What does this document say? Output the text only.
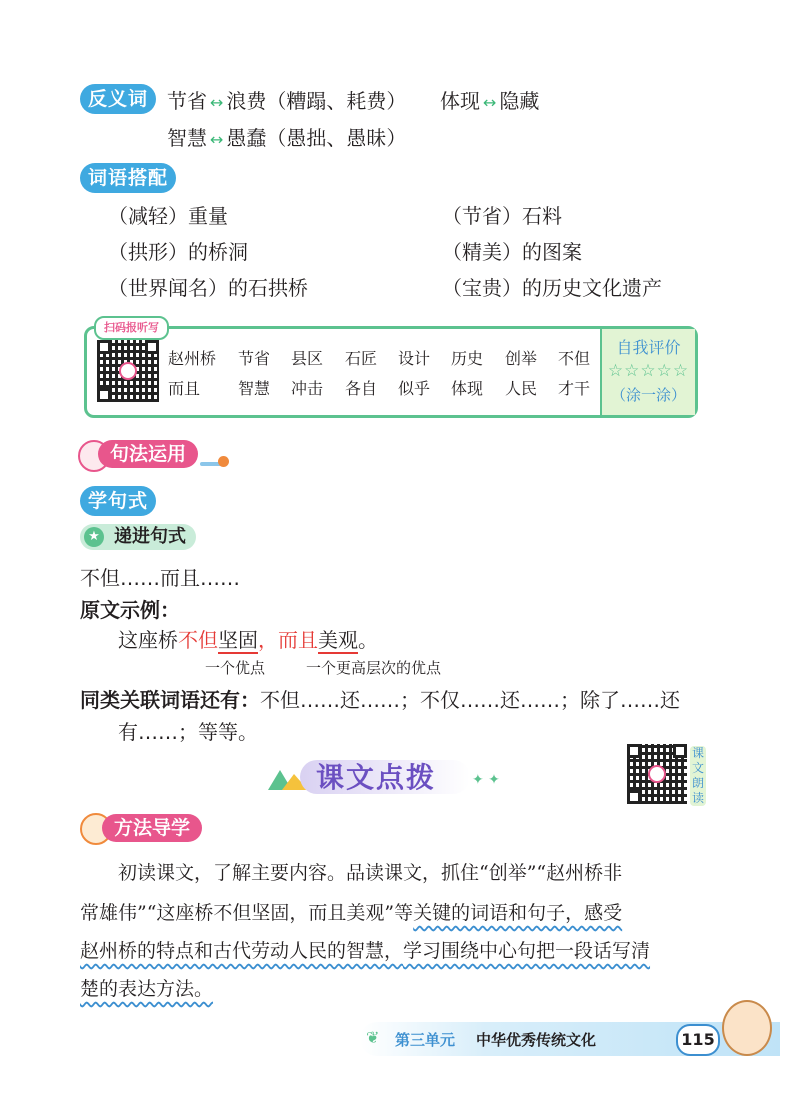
反义词 节省 ↔ 浪费（糟蹋、耗费） 体现 ↔ 隐藏
智慧 ↔ 愚蠢（愚拙、愚昧）
词语搭配
（减轻）重量	（节省）石料
（拱形）的桥洞	（精美）的图案
（世界闻名）的石拱桥	（宝贵）的历史文化遗产
扫码报听写
赵州桥 节省 县区 石匠 设计 历史 创举 不但
而且 智慧 冲击 各自 似乎 体现 人民 才干
自我评价
☆☆☆☆☆
（涂一涂）
句法运用
学句式
★ 递进句式
不但……而且……
原文示例：
这座桥不但坚固，而且美观。
一个优点	一个更高层次的优点
同类关联词语还有：不但……还……；不仅……还……；除了……还
有……；等等。
课文点拨	✦ ✦
课文朗读
方法导学
初读课文，了解主要内容。品读课文，抓住“创举”“赵州桥非
常雄伟”“这座桥不但坚固，而且美观”等关键的词语和句子，感受
赵州桥的特点和古代劳动人民的智慧，学习围绕中心句把一段话写清
楚的表达方法。
❦ 第三单元 中华优秀传统文化	115
